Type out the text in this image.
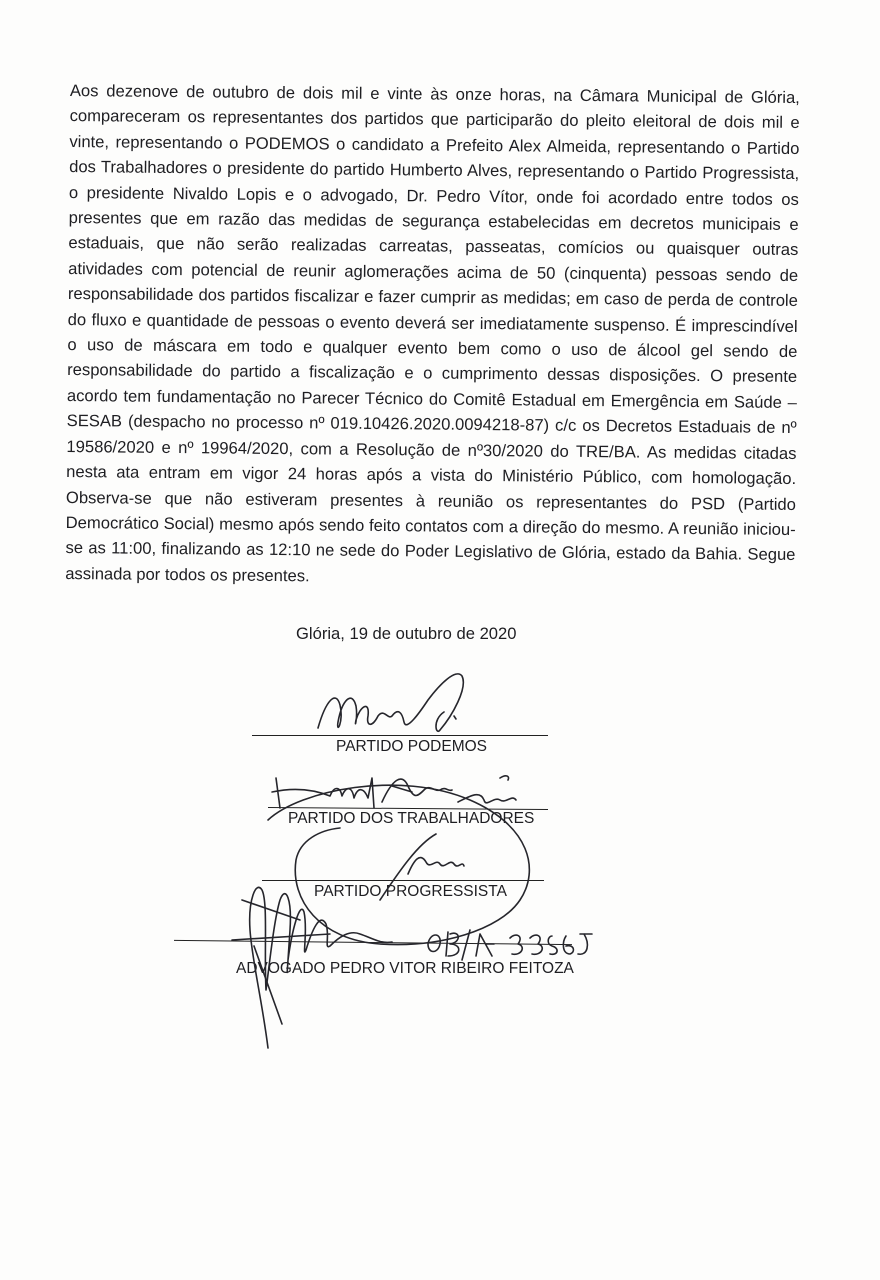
Aos dezenove de outubro de dois mil e vinte às onze horas, na Câmara Municipal de Glória, compareceram os representantes dos partidos que participarão do pleito eleitoral de dois mil e vinte, representando o PODEMOS o candidato a Prefeito Alex Almeida, representando o Partido dos Trabalhadores o presidente do partido Humberto Alves, representando o Partido Progressista, o presidente Nivaldo Lopis e o advogado, Dr. Pedro Vítor, onde foi acordado entre todos os presentes que em razão das medidas de segurança estabelecidas em decretos municipais e estaduais, que não serão realizadas carreatas, passeatas, comícios ou quaisquer outras atividades com potencial de reunir aglomerações acima de 50 (cinquenta) pessoas sendo de responsabilidade dos partidos fiscalizar e fazer cumprir as medidas; em caso de perda de controle do fluxo e quantidade de pessoas o evento deverá ser imediatamente suspenso. É imprescindível o uso de máscara em todo e qualquer evento bem como o uso de álcool gel sendo de responsabilidade do partido a fiscalização e o cumprimento dessas disposições. O presente acordo tem fundamentação no Parecer Técnico do Comitê Estadual em Emergência em Saúde – SESAB (despacho no processo nº 019.10426.2020.0094218-87) c/c os Decretos Estaduais de nº 19586/2020 e nº 19964/2020, com a Resolução de nº30/2020 do TRE/BA. As medidas citadas nesta ata entram em vigor 24 horas após a vista do Ministério Público, com homologação. Observa-se que não estiveram presentes à reunião os representantes do PSD (Partido Democrático Social) mesmo após sendo feito contatos com a direção do mesmo. A reunião iniciou-se as 11:00, finalizando as 12:10 ne sede do Poder Legislativo de Glória, estado da Bahia. Segue assinada por todos os presentes.

Glória, 19 de outubro de 2020
PARTIDO PODEMOS
PARTIDO DOS TRABALHADORES
PARTIDO PROGRESSISTA
ADVOGADO PEDRO VITOR RIBEIRO FEITOZA
